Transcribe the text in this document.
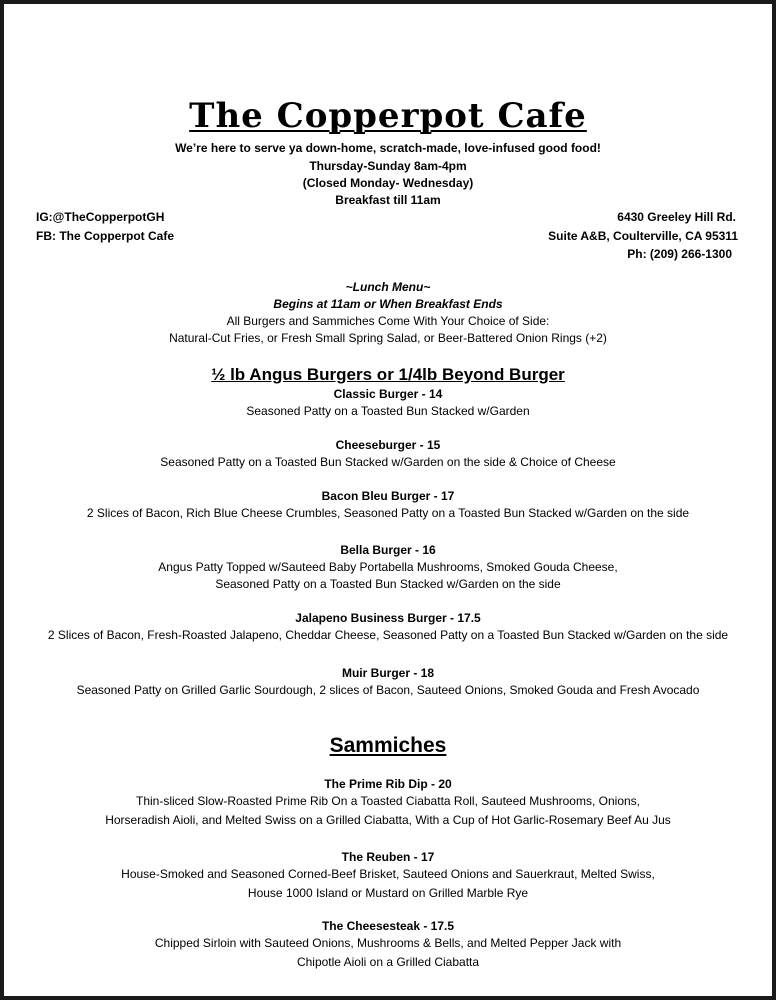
The Copperpot Cafe
We’re here to serve ya down-home, scratch-made, love-infused good food!
Thursday-Sunday 8am-4pm
(Closed Monday- Wednesday)
Breakfast till 11am
IG:@TheCopperpotGH
FB: The Copperpot Cafe
6430 Greeley Hill Rd.
Suite A&B, Coulterville, CA 95311
Ph: (209) 266-1300
~Lunch Menu~
Begins at 11am or When Breakfast Ends
All Burgers and Sammiches Come With Your Choice of Side:
Natural-Cut Fries, or Fresh Small Spring Salad, or Beer-Battered Onion Rings (+2)
½ lb Angus Burgers or 1/4lb Beyond Burger
Classic Burger - 14
Seasoned Patty on a Toasted Bun Stacked w/Garden
Cheeseburger - 15
Seasoned Patty on a Toasted Bun Stacked w/Garden on the side & Choice of Cheese
Bacon Bleu Burger - 17
2 Slices of Bacon, Rich Blue Cheese Crumbles, Seasoned Patty on a Toasted Bun Stacked w/Garden on the side
Bella Burger - 16
Angus Patty Topped w/Sauteed Baby Portabella Mushrooms, Smoked Gouda Cheese,
Seasoned Patty on a Toasted Bun Stacked w/Garden on the side
Jalapeno Business Burger - 17.5
2 Slices of Bacon, Fresh-Roasted Jalapeno, Cheddar Cheese, Seasoned Patty on a Toasted Bun Stacked w/Garden on the side
Muir Burger - 18
Seasoned Patty on Grilled Garlic Sourdough, 2 slices of Bacon, Sauteed Onions, Smoked Gouda and Fresh Avocado
Sammiches
The Prime Rib Dip - 20
Thin-sliced Slow-Roasted Prime Rib On a Toasted Ciabatta Roll, Sauteed Mushrooms, Onions,
Horseradish Aioli, and Melted Swiss on a Grilled Ciabatta, With a Cup of Hot Garlic-Rosemary Beef Au Jus
The Reuben - 17
House-Smoked and Seasoned Corned-Beef Brisket, Sauteed Onions and Sauerkraut, Melted Swiss,
House 1000 Island or Mustard on Grilled Marble Rye
The Cheesesteak - 17.5
Chipped Sirloin with Sauteed Onions, Mushrooms & Bells, and Melted Pepper Jack with
Chipotle Aioli on a Grilled Ciabatta
